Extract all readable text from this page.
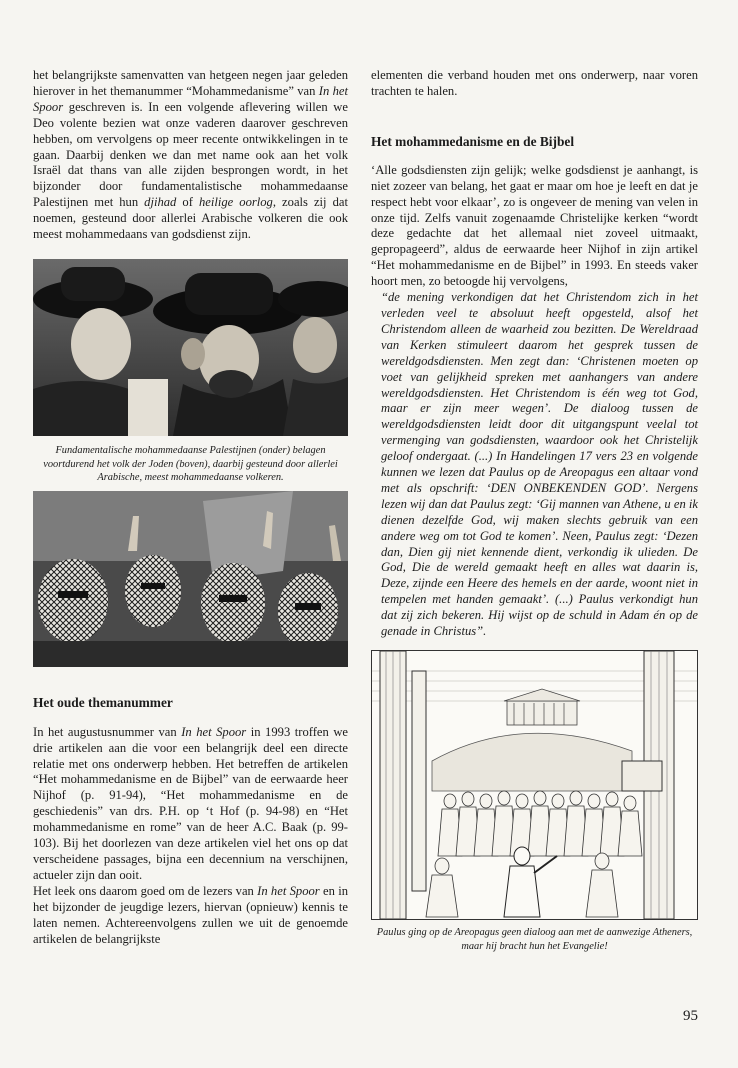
het belangrijkste samenvatten van hetgeen negen jaar geleden hierover in het themanummer “Mohammedanisme” van In het Spoor geschreven is. In een volgende aflevering willen we Deo volente bezien wat onze vaderen daarover geschreven hebben, om vervolgens op meer recente ontwikkelingen in te gaan. Daarbij denken we dan met name ook aan het volk Israël dat thans van alle zijden besprongen wordt, in het bijzonder door fundamentalistische mohammedaanse Palestijnen met hun djihad of heilige oorlog, zoals zij dat noemen, gesteund door allerlei Arabische volkeren die ook meest mohammedaans van godsdienst zijn.

Fundamentalische mohammedaanse Palestijnen (onder) belagen voortdurend het volk der Joden (boven), daarbij gesteund door allerlei Arabische, meest mohammedaanse volkeren.

Het oude themanummer

In het augustusnummer van In het Spoor in 1993 troffen we drie artikelen aan die voor een belangrijk deel een directe relatie met ons onderwerp hebben. Het betreffen de artikelen “Het mohammedanisme en de Bijbel” van de eerwaarde heer Nijhof (p. 91-94), “Het mohammedanisme en de geschiedenis” van drs. P.H. op ‘t Hof (p. 94-98) en “Het mohammedanisme en rome” van de heer A.C. Baak (p. 99-103). Bij het doorlezen van deze artikelen viel het ons op dat verscheidene passages, bijna een decennium na verschijnen, actueler zijn dan ooit.

Het leek ons daarom goed om de lezers van In het Spoor en in het bijzonder de jeugdige lezers, hiervan (opnieuw) kennis te laten nemen. Achtereenvolgens zullen we uit de genoemde artikelen de belangrijkste

elementen die verband houden met ons onderwerp, naar voren trachten te halen.

Het mohammedanisme en de Bijbel

‘Alle godsdiensten zijn gelijk; welke godsdienst je aanhangt, is niet zozeer van belang, het gaat er maar om hoe je leeft en dat je respect hebt voor elkaar’, zo is ongeveer de mening van velen in onze tijd. Zelfs vanuit zogenaamde Christelijke kerken “wordt deze gedachte dat het allemaal niet zoveel uitmaakt, gepropageerd”, aldus de eerwaarde heer Nijhof in zijn artikel “Het mohammedanisme en de Bijbel” in 1993. En steeds vaker hoort men, zo betoogde hij vervolgens,

“de mening verkondigen dat het Christendom zich in het verleden veel te absoluut heeft opgesteld, alsof het Christendom alleen de waarheid zou bezitten. De Wereldraad van Kerken stimuleert daarom het gesprek tussen de wereldgodsdiensten. Men zegt dan: ‘Christenen moeten op voet van gelijkheid spreken met aanhangers van andere wereldgodsdiensten. Het Christendom is één weg tot God, maar er zijn meer wegen’. De dialoog tussen de wereldgodsdiensten leidt door dit uitgangspunt veelal tot vermenging van godsdiensten, waardoor ook het Christelijk geloof ondergaat. (...) In Handelingen 17 vers 23 en volgende kunnen we lezen dat Paulus op de Areopagus een altaar vond met als opschrift: ‘DEN ONBEKENDEN GOD’. Nergens lezen wij dan dat Paulus zegt: ‘Gij mannen van Athene, u en ik dienen dezelfde God, wij maken slechts gebruik van een andere weg om tot God te komen’. Neen, Paulus zegt: ‘Dezen dan, Dien gij niet kennende dient, verkondig ik ulieden. De God, Die de wereld gemaakt heeft en alles wat daarin is, Deze, zijnde een Heere des hemels en der aarde, woont niet in tempelen met handen gemaakt’. (...) Paulus verkondigt hun dat zij zich bekeren. Hij wijst op de schuld in Adam én op de genade in Christus”.

Paulus ging op de Areopagus geen dialoog aan met de aanwezige Atheners, maar hij bracht hun het Evangelie!

95
